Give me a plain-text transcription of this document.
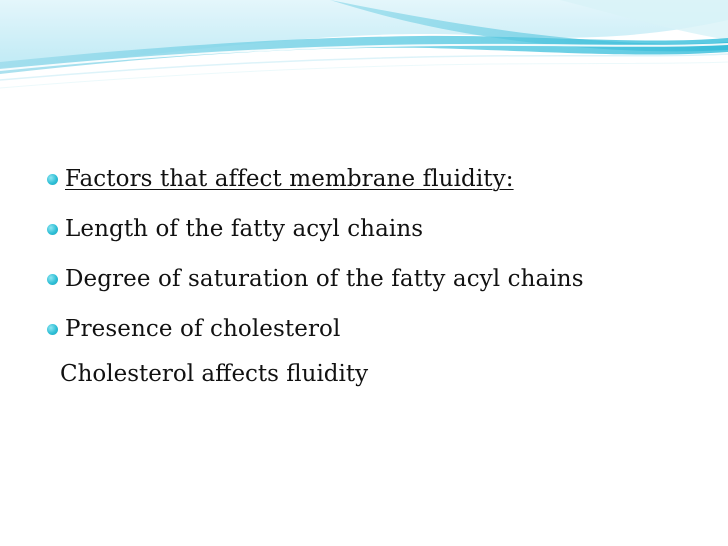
Factors that affect membrane fluidity:
Length of the fatty acyl chains
Degree of saturation of the fatty acyl chains
Presence of cholesterol
Cholesterol affects fluidity
